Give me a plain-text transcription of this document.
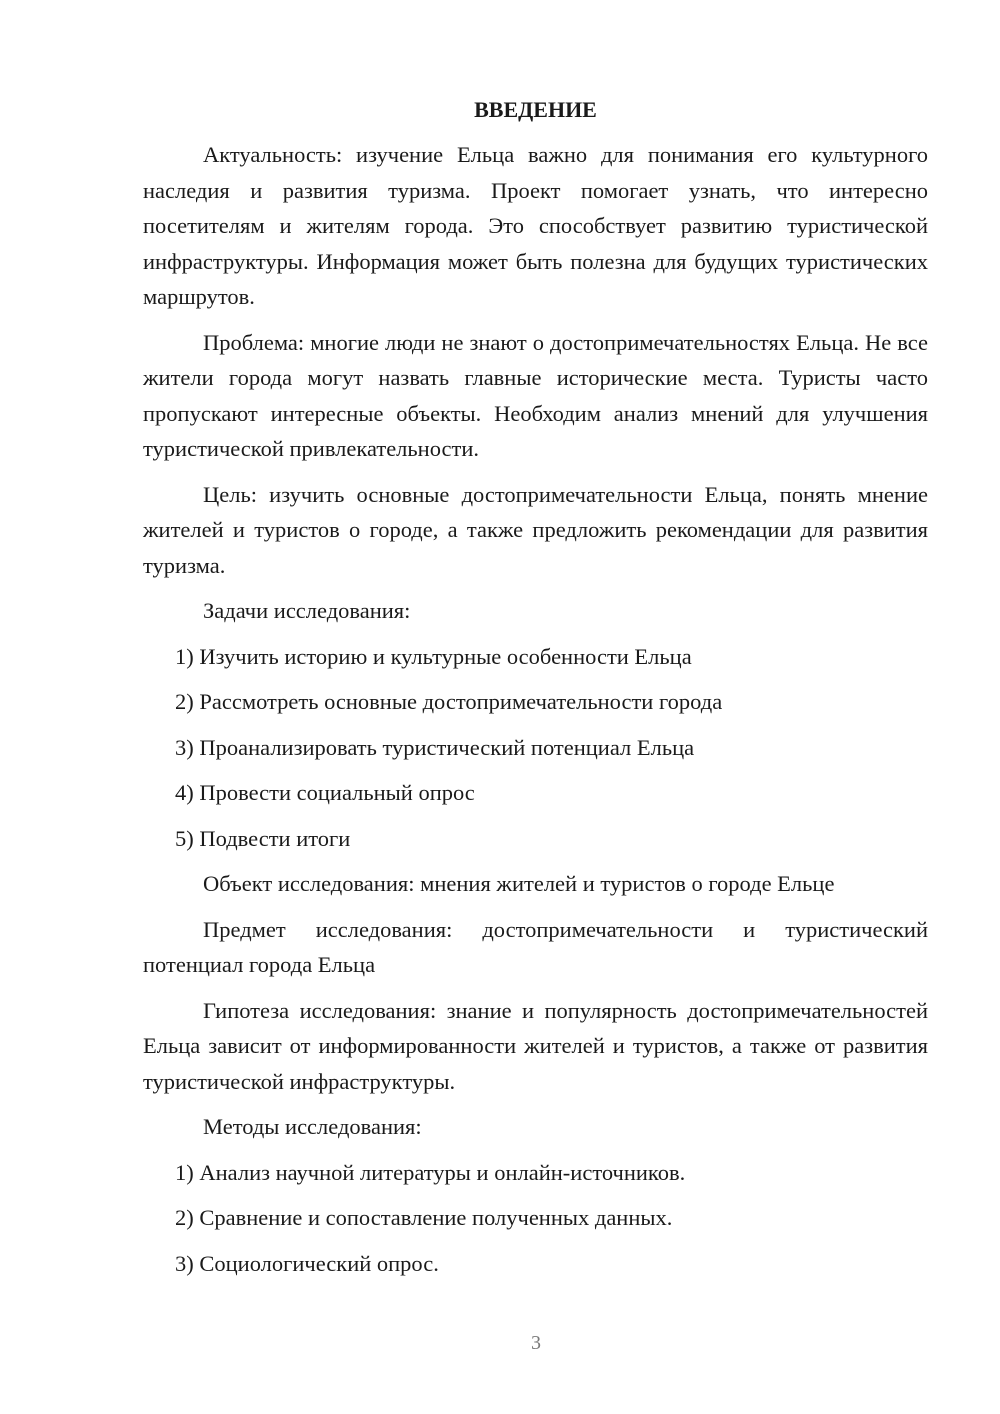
ВВЕДЕНИЕ

Актуальность: изучение Ельца важно для понимания его культурного наследия и развития туризма. Проект помогает узнать, что интересно посетителям и жителям города. Это способствует развитию туристической инфраструктуры. Информация может быть полезна для будущих туристических маршрутов.

Проблема: многие люди не знают о достопримечательностях Ельца. Не все жители города могут назвать главные исторические места. Туристы часто пропускают интересные объекты. Необходим анализ мнений для улучшения туристической привлекательности.

Цель: изучить основные достопримечательности Ельца, понять мнение жителей и туристов о городе, а также предложить рекомендации для развития туризма.

Задачи исследования:

1) Изучить историю и культурные особенности Ельца

2) Рассмотреть основные достопримечательности города

3) Проанализировать туристический потенциал Ельца

4) Провести социальный опрос

5) Подвести итоги

Объект исследования: мнения жителей и туристов о городе Ельце

Предмет исследования: достопримечательности и туристический потенциал города Ельца

Гипотеза исследования: знание и популярность достопримечательностей Ельца зависит от информированности жителей и туристов, а также от развития туристической инфраструктуры.

Методы исследования:

1) Анализ научной литературы и онлайн-источников.

2) Сравнение и сопоставление полученных данных.

3) Социологический опрос.

3
